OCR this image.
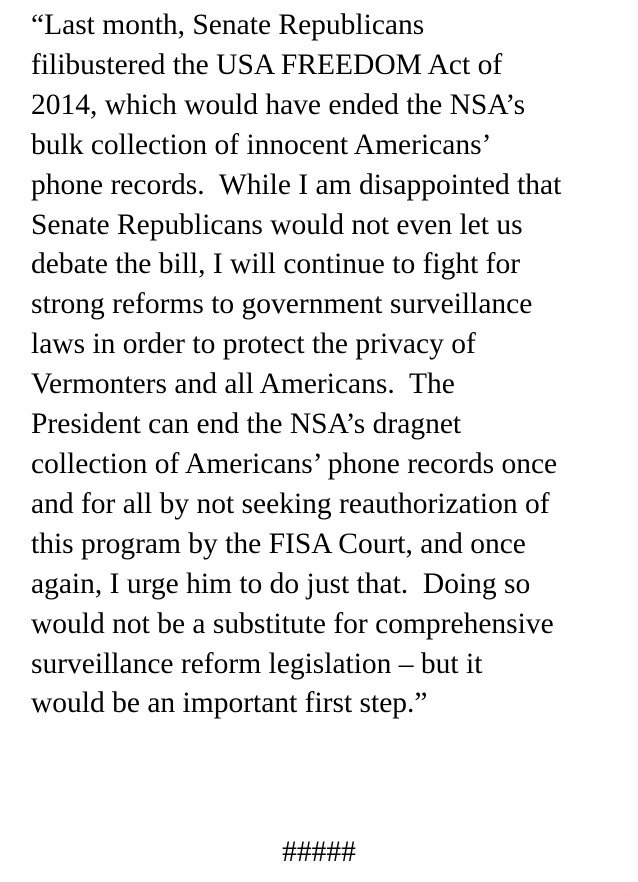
“Last month, Senate Republicans
filibustered the USA FREEDOM Act of
2014, which would have ended the NSA’s
bulk collection of innocent Americans’
phone records.  While I am disappointed that
Senate Republicans would not even let us
debate the bill, I will continue to fight for
strong reforms to government surveillance
laws in order to protect the privacy of
Vermonters and all Americans.  The
President can end the NSA’s dragnet
collection of Americans’ phone records once
and for all by not seeking reauthorization of
this program by the FISA Court, and once
again, I urge him to do just that.  Doing so
would not be a substitute for comprehensive
surveillance reform legislation – but it
would be an important first step.”

#####
